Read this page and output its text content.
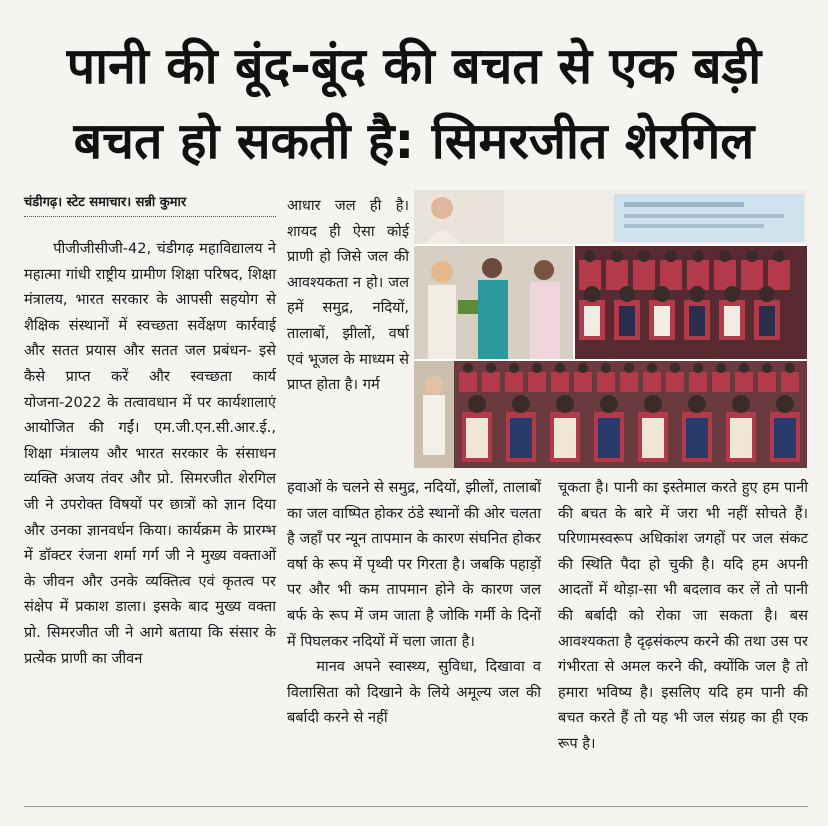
पानी की बूंद-बूंद की बचत से एक बड़ी
बचत हो सकती है: सिमरजीत शेरगिल
चंडीगढ़। स्टेट समाचार। सन्नी कुमार

पीजीजीसीजी-42, चंडीगढ़ महाविद्यालय ने महात्मा गांधी राष्ट्रीय ग्रामीण शिक्षा परिषद, शिक्षा मंत्रालय, भारत सरकार के आपसी सहयोग से शैक्षिक संस्थानों में स्वच्छता सर्वेक्षण कार्रवाई और सतत प्रयास और सतत जल प्रबंधन- इसे कैसे प्राप्त करें और स्वच्छता कार्य योजना-2022 के तत्वावधान में पर कार्यशालाएं आयोजित की गईं। एम.जी.एन.सी.आर.ई., शिक्षा मंत्रालय और भारत सरकार के संसाधन व्यक्ति अजय तंवर और प्रो. सिमरजीत शेरगिल जी ने उपरोक्त विषयों पर छात्रों को ज्ञान दिया और उनका ज्ञानवर्धन किया। कार्यक्रम के प्रारम्भ में डॉक्टर रंजना शर्मा गर्ग जी ने मुख्य वक्ताओं के जीवन और उनके व्यक्तित्व एवं कृतत्व पर संक्षेप में प्रकाश डाला। इसके बाद मुख्य वक्ता प्रो. सिमरजीत जी ने आगे बताया कि संसार के प्रत्येक प्राणी का जीवन

आधार जल ही है। शायद ही ऐसा कोई प्राणी हो जिसे जल की आवश्यकता न हो। जल हमें समुद्र, नदियों, तालाबों, झीलों, वर्षा एवं भूजल के माध्यम से प्राप्त होता है। गर्म

हवाओं के चलने से समुद्र, नदियों, झीलों, तालाबों का जल वाष्पित होकर ठंडे स्थानों की ओर चलता है जहाँ पर न्यून तापमान के कारण संघनित होकर वर्षा के रूप में पृथ्वी पर गिरता है। जबकि पहाड़ों पर और भी कम तापमान होने के कारण जल बर्फ के रूप में जम जाता है जोकि गर्मी के दिनों में पिघलकर नदियों में चला जाता है।

मानव अपने स्वास्थ्य, सुविधा, दिखावा व विलासिता को दिखाने के लिये अमूल्य जल की बर्बादी करने से नहीं

चूकता है। पानी का इस्तेमाल करते हुए हम पानी की बचत के बारे में जरा भी नहीं सोचते हैं। परिणामस्वरूप अधिकांश जगहों पर जल संकट की स्थिति पैदा हो चुकी है। यदि हम अपनी आदतों में थोड़ा-सा भी बदलाव कर लें तो पानी की बर्बादी को रोका जा सकता है। बस आवश्यकता है दृढ़संकल्प करने की तथा उस पर गंभीरता से अमल करने की, क्योंकि जल है तो हमारा भविष्य है। इसलिए यदि हम पानी की बचत करते हैं तो यह भी जल संग्रह का ही एक रूप है।
